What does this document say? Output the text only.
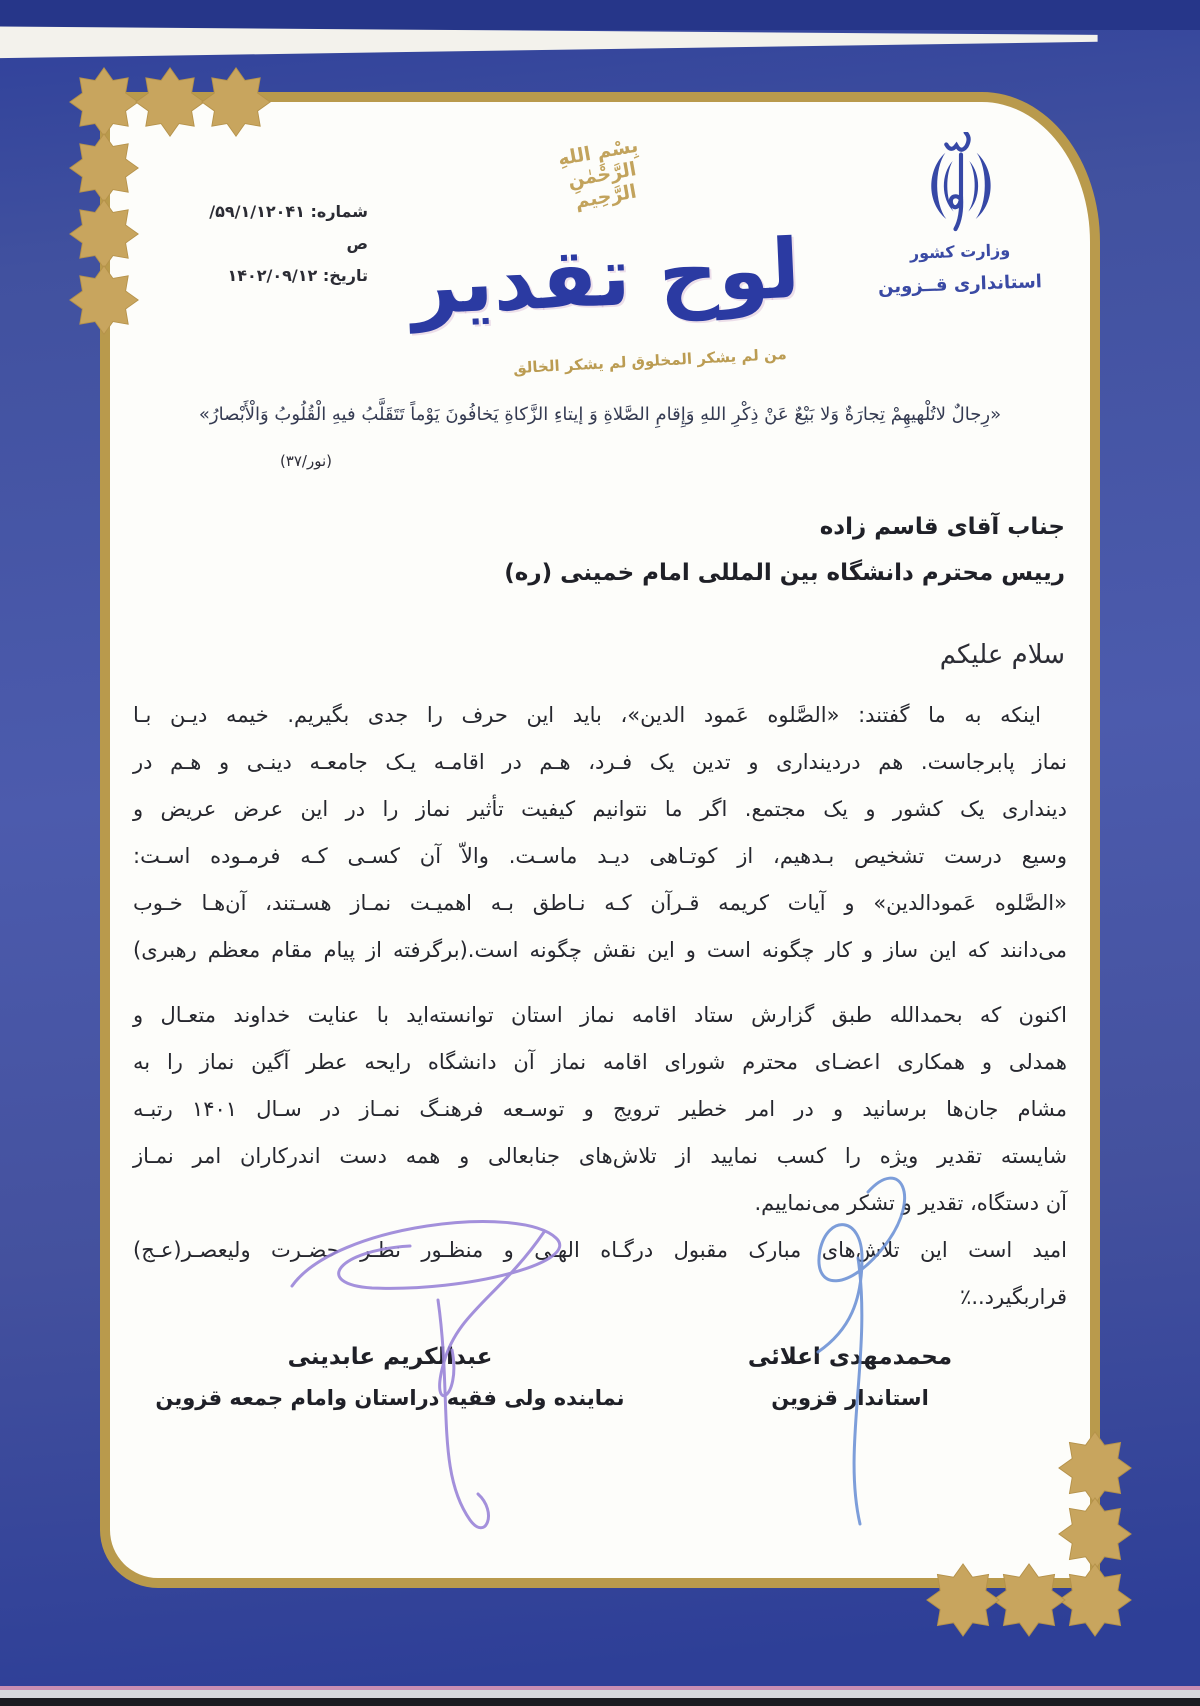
شماره: ۵۹/۱/۱۲۰۴۱/ص
تاریخ: ۱۴۰۲/۰۹/۱۲
بِسْمِ اللهِ الرَّحْمٰنِ الرَّحِیم
لوح تقدیر
من لم یشکر المخلوق لم یشکر الخالق
وزارت کشور
استانداری قــزوین
«رِجالٌ لاتُلْهیهِمْ تِجارَةٌ وَلا بَیْعٌ عَنْ ذِکْرِ اللهِ وَإِقامِ الصَّلاةِ وَ إیتاءِ الزَّکاةِ یَخافُونَ یَوْماً تَتَقَلَّبُ فیهِ الْقُلُوبُ وَالْأَبْصارُ»
(نور/۳۷)
جناب آقای قاسم زاده
رییس محترم دانشگاه بین المللی امام خمینی (ره)
سلام علیکم
اینکه به ما گفتند: «الصَّلوه عَمود الدین»، باید این حرف را جدی بگیریم. خیمه دیـن بـا
نماز پابرجاست. هم دردینداری و تدین یک فـرد، هـم در اقامـه یـک جامعـه دینـی و هـم در
دینداری یک کشور و یک مجتمع. اگر ما نتوانیم کیفیت تأثیر نماز را در این عرض عریض و
وسیع درست تشخیص بـدهیم، از کوتـاهی دیـد ماسـت. والاّ آن کسـی کـه فرمـوده اسـت:
«الصَّلوه عَمودالدین» و آیات کریمه قـرآن کـه نـاطق بـه اهمیـت نمـاز هسـتند، آن‌هـا خـوب
می‌دانند که این ساز و کار چگونه است و این نقش چگونه است.(برگرفته از پیام مقام معظم رهبری)
اکنون که بحمدالله طبق گزارش ستاد اقامه نماز استان توانسته‌اید با عنایت خداوند متعـال و
همدلی و همکاری اعضـای محترم شورای اقامه نماز آن دانشگاه رایحه عطر آگین نماز را به
مشام جان‌ها برسانید و در امر خطیر ترویج و توسـعه فرهنـگ نمـاز در سـال ۱۴۰۱ رتبـه
شایسته تقدیر ویژه را کسب نمایید از تلاش‌های جنابعالی و همه دست اندرکاران امر نمـاز
آن دستگاه، تقدیر و تشکر می‌نماییم.
امید است این تلاش‌های مبارک مقبول درگـاه الهـی و منظـور نظـر حضـرت ولیعصـر(عـج)
قراربگیرد..٪
محمدمهدی اعلائی
استاندار قزوین
عبدالکریم عابدینی
نماینده ولی فقیه دراستان وامام جمعه قزوین
